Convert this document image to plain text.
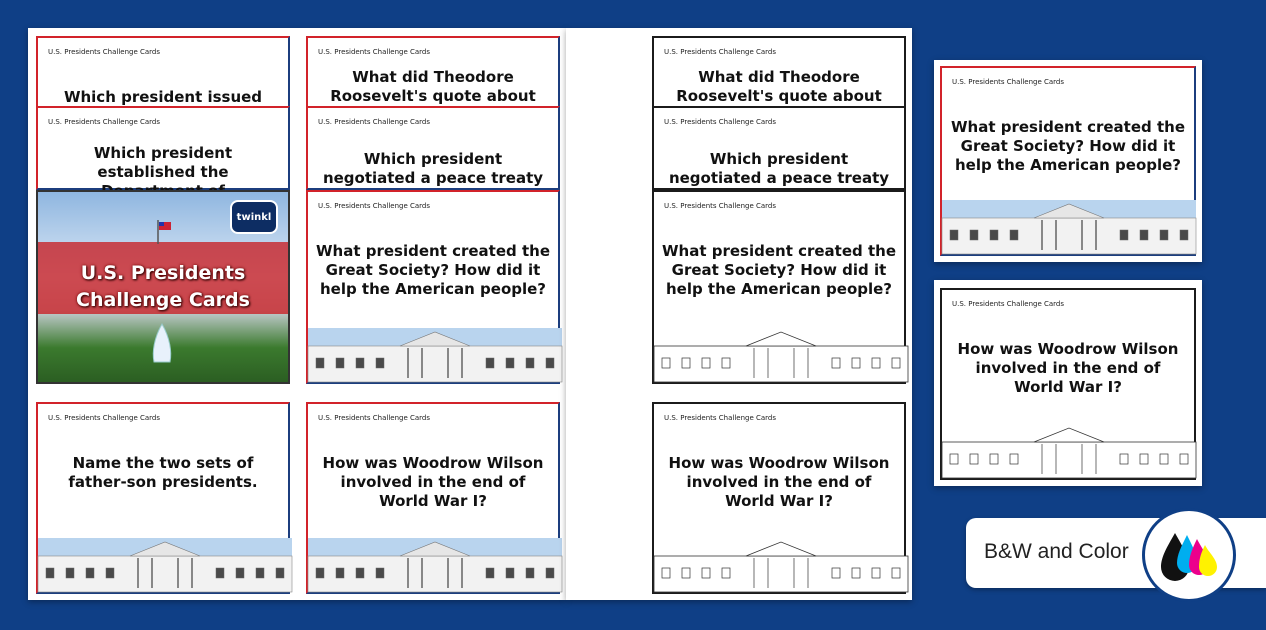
U.S. Presidents Challenge Cards
Which president issued
U.S. Presidents Challenge Cards
What did Theodore Roosevelt's quote about
U.S. Presidents Challenge Cards
Which president established the
U.S. Presidents Challenge Cards
Which president negotiated a peace treaty
U.S. Presidents
Challenge Cards
twinkl
U.S. Presidents Challenge Cards
What president created the Great Society? How did it help the American people?
U.S. Presidents Challenge Cards
Name the two sets of father-son presidents.
U.S. Presidents Challenge Cards
How was Woodrow Wilson involved in the end of World War I?
U.S. Presidents Challenge Cards
What did Theodore Roosevelt's quote about
U.S. Presidents Challenge Cards
Which president negotiated a peace treaty
U.S. Presidents Challenge Cards
What president created the Great Society? How did it help the American people?
U.S. Presidents Challenge Cards
How was Woodrow Wilson involved in the end of World War I?
U.S. Presidents Challenge Cards
What president created the Great Society? How did it help the American people?
U.S. Presidents Challenge Cards
How was Woodrow Wilson involved in the end of World War I?
B&W and Color
